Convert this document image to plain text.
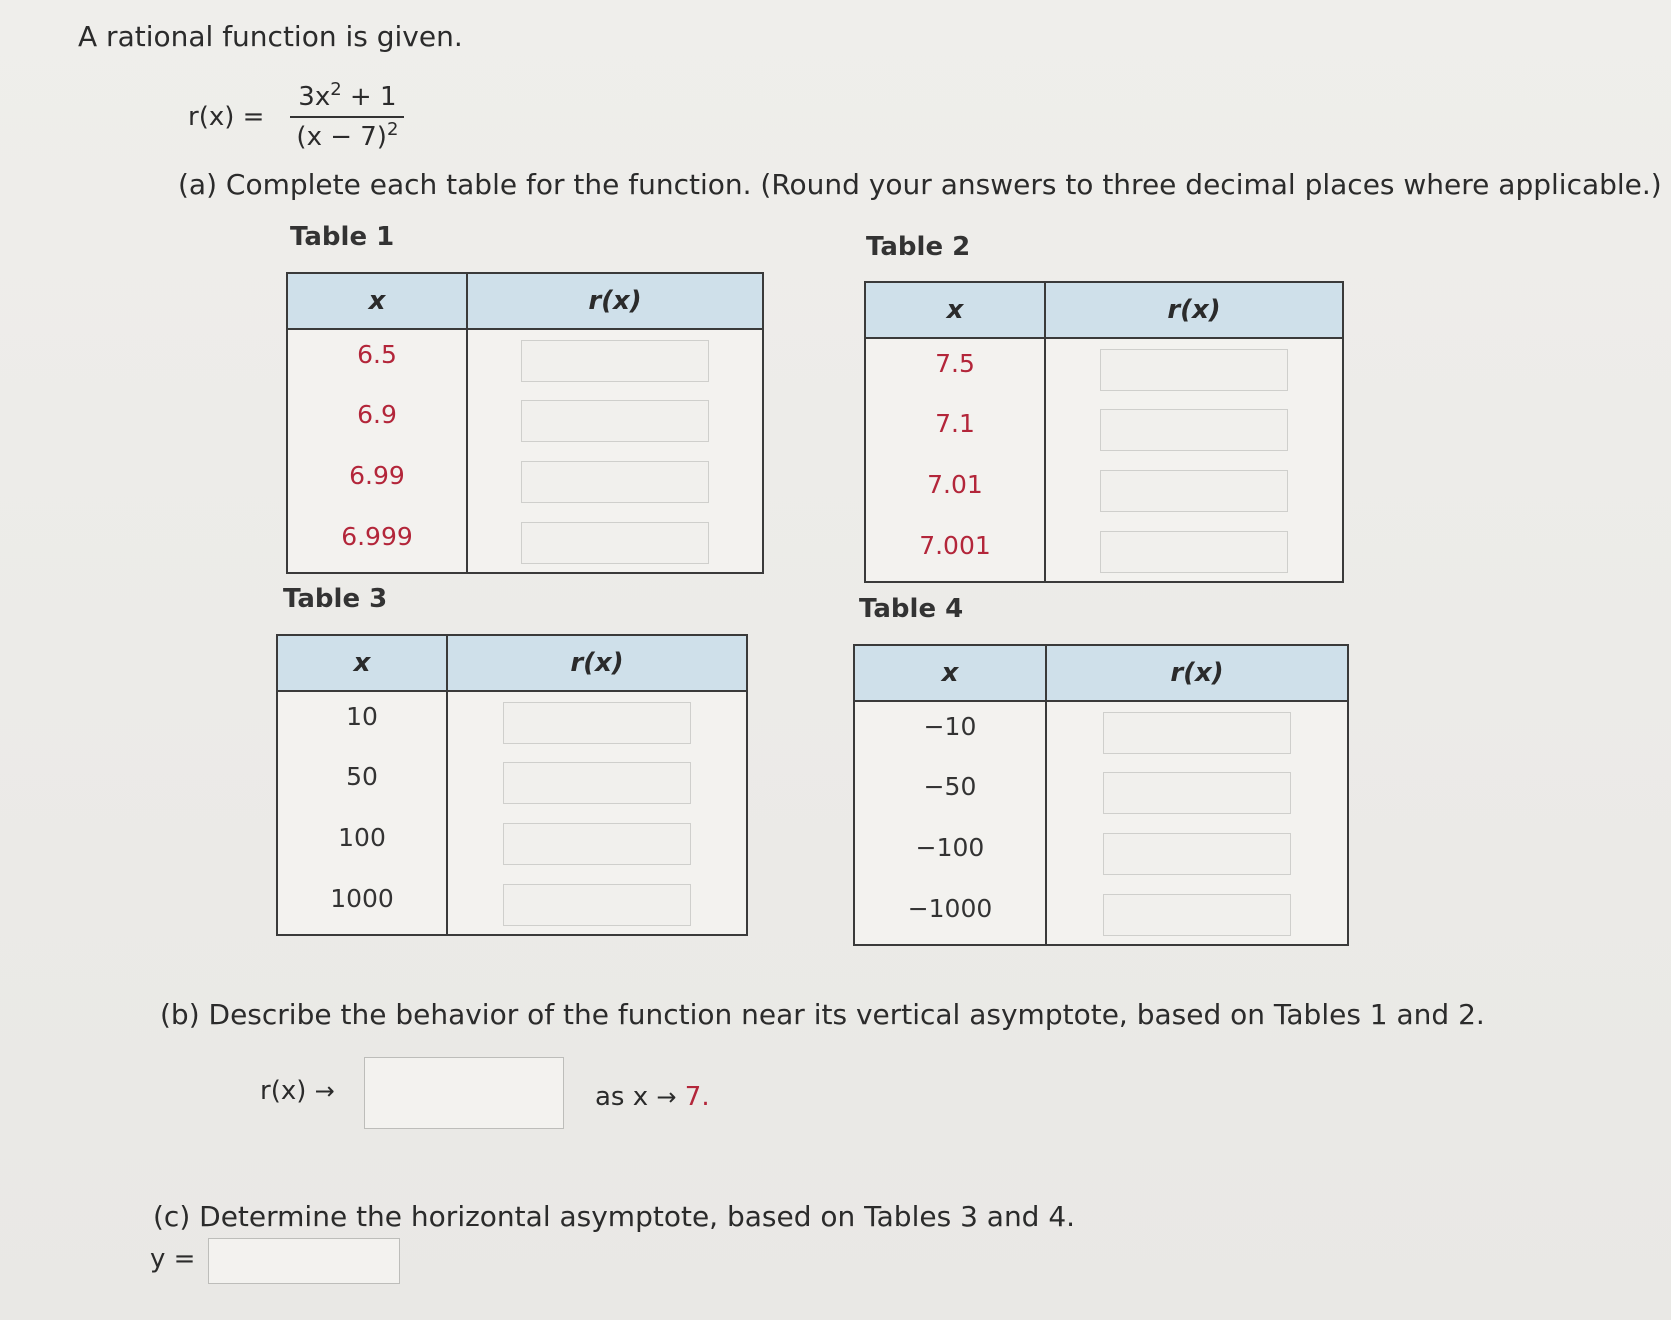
A rational function is given.
$r(x) = \frac{3x^2 + 1}{(x - 7)^2}$
(a) Complete each table for the function. (Round your answers to three decimal places where applicable.)
Table 1
x	r(x)
6.5	

6.9	

6.99	

6.999	
Table 2
x	r(x)
7.5	

7.1	

7.01	

7.001	
Table 3
x	r(x)
10	

50	

100	

1000	
Table 4
x	r(x)
−10	

−50	

−100	

−1000	
(b) Describe the behavior of the function near its vertical asymptote, based on Tables 1 and 2.
r(x) →	as x → 7.
(c) Determine the horizontal asymptote, based on Tables 3 and 4.
y =
